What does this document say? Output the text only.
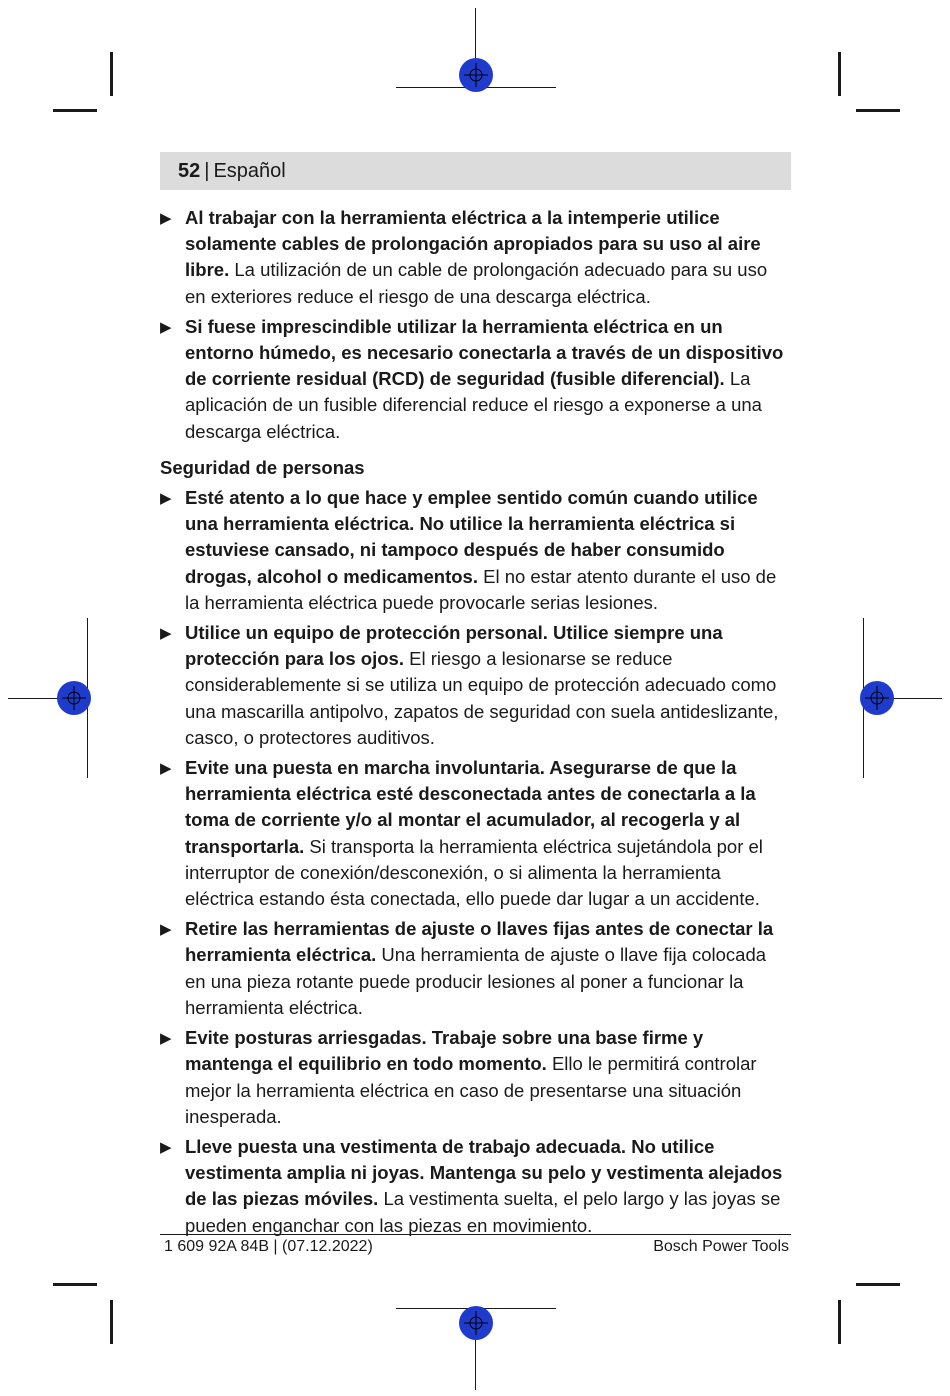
52 | Español
▶ Al trabajar con la herramienta eléctrica a la intemperie utilice solamente cables de prolongación apropiados para su uso al aire libre. La utilización de un cable de prolongación adecuado para su uso en exteriores reduce el riesgo de una descarga eléctrica.
▶ Si fuese imprescindible utilizar la herramienta eléctrica en un entorno húmedo, es necesario conectarla a través de un dispositivo de corriente residual (RCD) de seguridad (fusible diferencial). La aplicación de un fusible diferencial reduce el riesgo a exponerse a una descarga eléctrica.
Seguridad de personas
▶ Esté atento a lo que hace y emplee sentido común cuando utilice una herramienta eléctrica. No utilice la herramienta eléctrica si estuviese cansado, ni tampoco después de haber consumido drogas, alcohol o medicamentos. El no estar atento durante el uso de la herramienta eléctrica puede provocarle serias lesiones.
▶ Utilice un equipo de protección personal. Utilice siempre una protección para los ojos. El riesgo a lesionarse se reduce considerablemente si se utiliza un equipo de protección adecuado como una mascarilla antipolvo, zapatos de seguridad con suela antideslizante, casco, o protectores auditivos.
▶ Evite una puesta en marcha involuntaria. Asegurarse de que la herramienta eléctrica esté desconectada antes de conectarla a la toma de corriente y/o al montar el acumulador, al recogerla y al transportarla. Si transporta la herramienta eléctrica sujetándola por el interruptor de conexión/desconexión, o si alimenta la herramienta eléctrica estando ésta conectada, ello puede dar lugar a un accidente.
▶ Retire las herramientas de ajuste o llaves fijas antes de conectar la herramienta eléctrica. Una herramienta de ajuste o llave fija colocada en una pieza rotante puede producir lesiones al poner a funcionar la herramienta eléctrica.
▶ Evite posturas arriesgadas. Trabaje sobre una base firme y mantenga el equilibrio en todo momento. Ello le permitirá controlar mejor la herramienta eléctrica en caso de presentarse una situación inesperada.
▶ Lleve puesta una vestimenta de trabajo adecuada. No utilice vestimenta amplia ni joyas. Mantenga su pelo y vestimenta alejados de las piezas móviles. La vestimenta suelta, el pelo largo y las joyas se pueden enganchar con las piezas en movimiento.
1 609 92A 84B | (07.12.2022)	Bosch Power Tools
